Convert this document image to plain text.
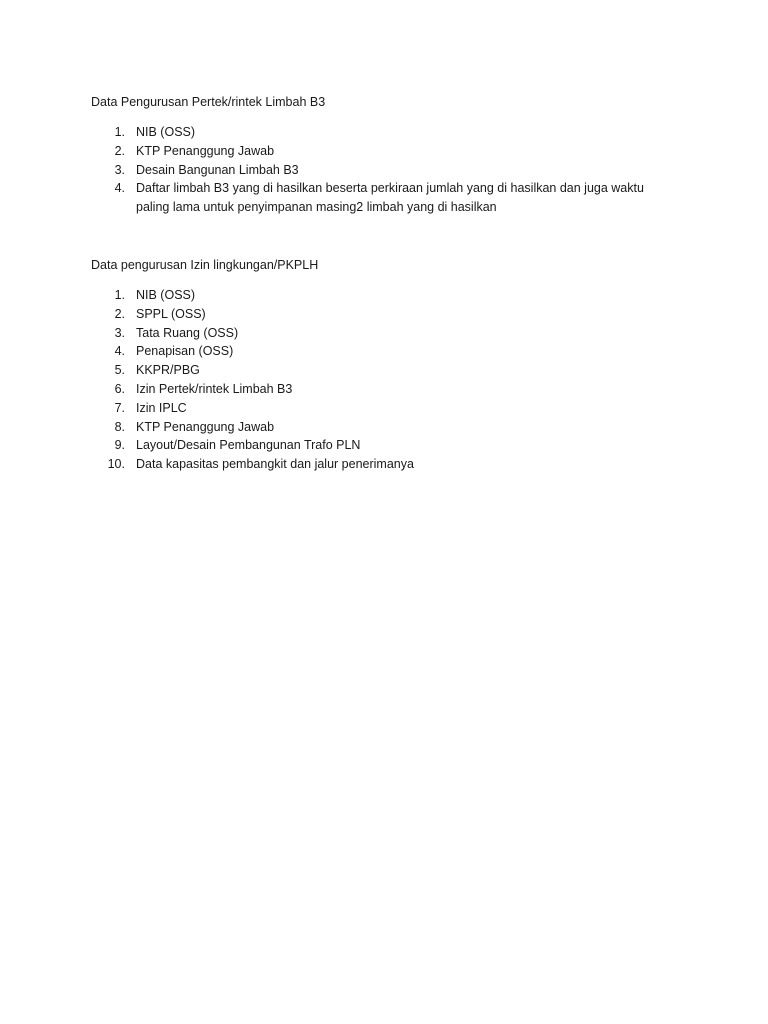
Data Pengurusan Pertek/rintek Limbah B3
1. NIB (OSS)
2. KTP Penanggung Jawab
3. Desain Bangunan Limbah B3
4. Daftar limbah B3 yang di hasilkan beserta perkiraan jumlah yang di hasilkan dan juga waktu paling lama untuk penyimpanan masing2 limbah yang di hasilkan
Data pengurusan Izin lingkungan/PKPLH
1. NIB (OSS)
2. SPPL (OSS)
3. Tata Ruang (OSS)
4. Penapisan (OSS)
5. KKPR/PBG
6. Izin Pertek/rintek Limbah B3
7. Izin IPLC
8. KTP Penanggung Jawab
9. Layout/Desain Pembangunan Trafo PLN
10. Data kapasitas pembangkit dan jalur penerimanya
